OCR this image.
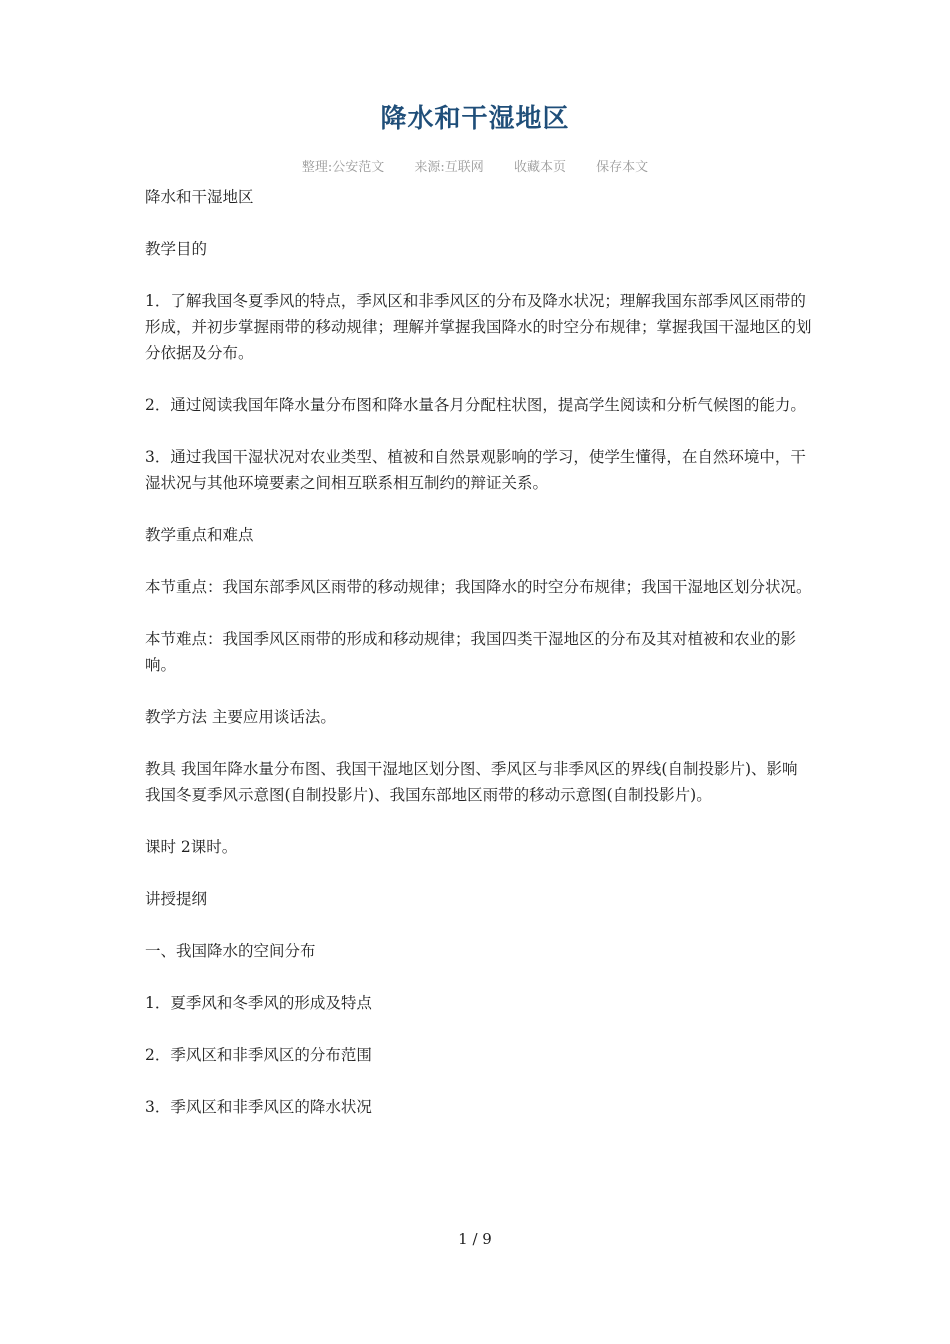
降水和干湿地区
整理:公安范文 来源:互联网 收藏本页 保存本文

降水和干湿地区

教学目的

1．了解我国冬夏季风的特点，季风区和非季风区的分布及降水状况；理解我国东部季风区雨带的形成，并初步掌握雨带的移动规律；理解并掌握我国降水的时空分布规律；掌握我国干湿地区的划分依据及分布。

2．通过阅读我国年降水量分布图和降水量各月分配柱状图，提高学生阅读和分析气候图的能力。

3．通过我国干湿状况对农业类型、植被和自然景观影响的学习，使学生懂得，在自然环境中，干湿状况与其他环境要素之间相互联系相互制约的辩证关系。

教学重点和难点

本节重点：我国东部季风区雨带的移动规律；我国降水的时空分布规律；我国干湿地区划分状况。

本节难点：我国季风区雨带的形成和移动规律；我国四类干湿地区的分布及其对植被和农业的影响。

教学方法 主要应用谈话法。

教具 我国年降水量分布图、我国干湿地区划分图、季风区与非季风区的界线(自制投影片)、影响我国冬夏季风示意图(自制投影片)、我国东部地区雨带的移动示意图(自制投影片)。

课时 2课时。

讲授提纲

一、我国降水的空间分布

1．夏季风和冬季风的形成及特点

2．季风区和非季风区的分布范围

3．季风区和非季风区的降水状况

1 / 9
